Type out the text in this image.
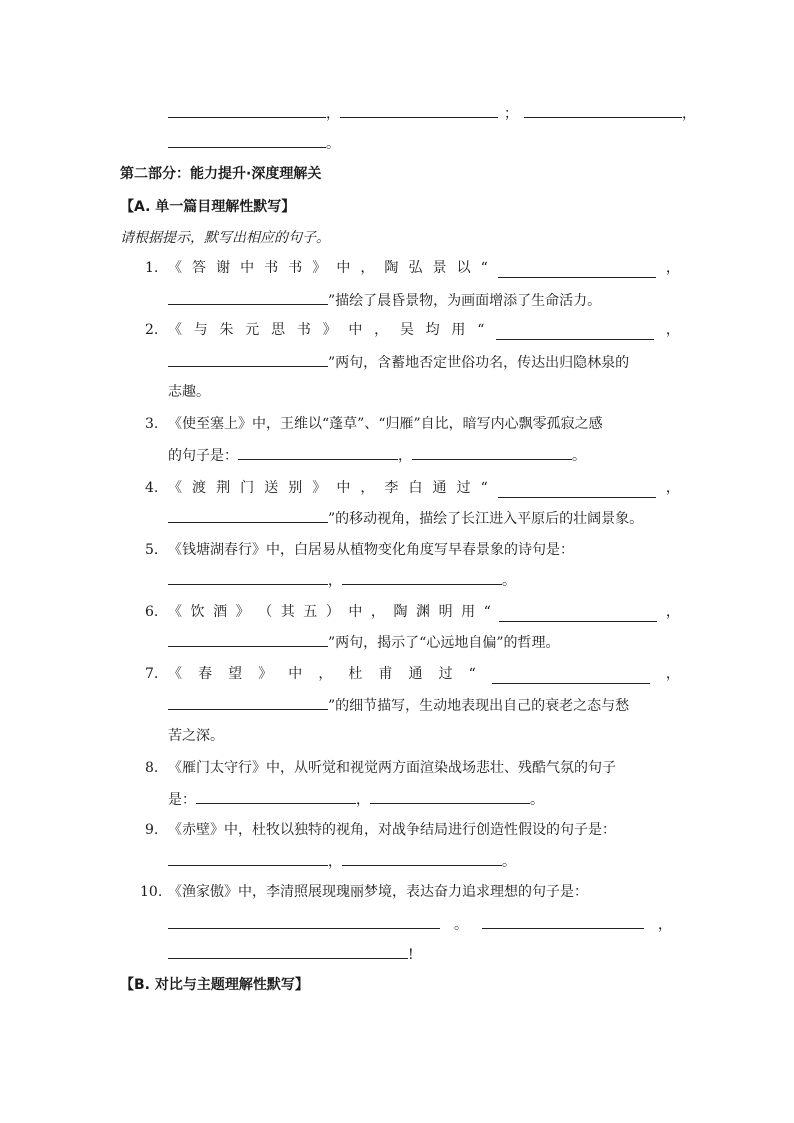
，	；	，
。
第二部分：能力提升·深度理解关
【A. 单一篇目理解性默写】
请根据提示，默写出相应的句子。
1. 《 答 谢 中 书 书 》 中 ， 陶 弘 景 以 “	，
”描绘了晨昏景物，为画面增添了生命活力。
2. 《 与 朱 元 思 书 》 中 ， 吴 均 用 “	，
”两句，含蓄地否定世俗功名，传达出归隐林泉的
志趣。
3. 《使至塞上》中，王维以“蓬草”、“归雁”自比，暗写内心飘零孤寂之感
的句子是：	，	。
4. 《 渡 荆 门 送 别 》 中 ， 李 白 通 过 “	，
”的移动视角，描绘了长江进入平原后的壮阔景象。
5. 《钱塘湖春行》中，白居易从植物变化角度写早春景象的诗句是：
，	。
6. 《 饮 酒 》 （ 其 五 ） 中 ， 陶 渊 明 用 “	，
”两句，揭示了“心远地自偏”的哲理。
7. 《 春 望 》 中 ， 杜 甫 通 过 “	，
”的细节描写，生动地表现出自己的衰老之态与愁
苦之深。
8. 《雁门太守行》中，从听觉和视觉两方面渲染战场悲壮、残酷气氛的句子
是：	，	。
9. 《赤壁》中，杜牧以独特的视角，对战争结局进行创造性假设的句子是：
，	。
10. 《渔家傲》中，李清照展现瑰丽梦境，表达奋力追求理想的句子是：
。	，
!
【B. 对比与主题理解性默写】
